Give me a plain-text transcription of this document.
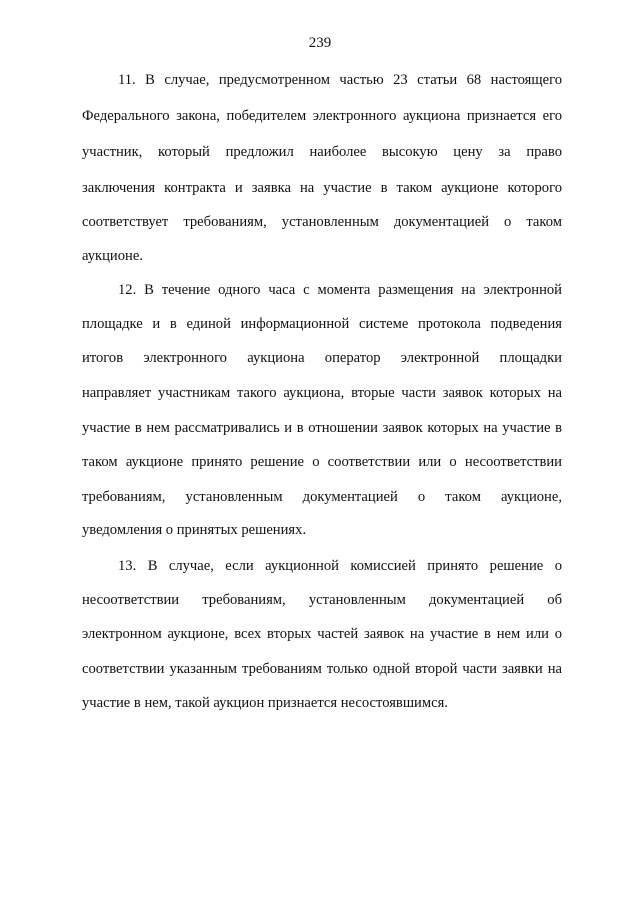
239
11. В случае, предусмотренном частью 23 статьи 68 настоящего
Федерального закона, победителем электронного аукциона признается его
участник, который предложил наиболее высокую цену за право
заключения контракта и заявка на участие в таком аукционе которого
соответствует требованиям, установленным документацией о таком
аукционе.
12. В течение одного часа с момента размещения на электронной
площадке и в единой информационной системе протокола подведения
итогов электронного аукциона оператор электронной площадки
направляет участникам такого аукциона, вторые части заявок которых на
участие в нем рассматривались и в отношении заявок которых на участие в
таком аукционе принято решение о соответствии или о несоответствии
требованиям, установленным документацией о таком аукционе,
уведомления о принятых решениях.
13. В случае, если аукционной комиссией принято решение о
несоответствии требованиям, установленным документацией об
электронном аукционе, всех вторых частей заявок на участие в нем или о
соответствии указанным требованиям только одной второй части заявки на
участие в нем, такой аукцион признается несостоявшимся.
